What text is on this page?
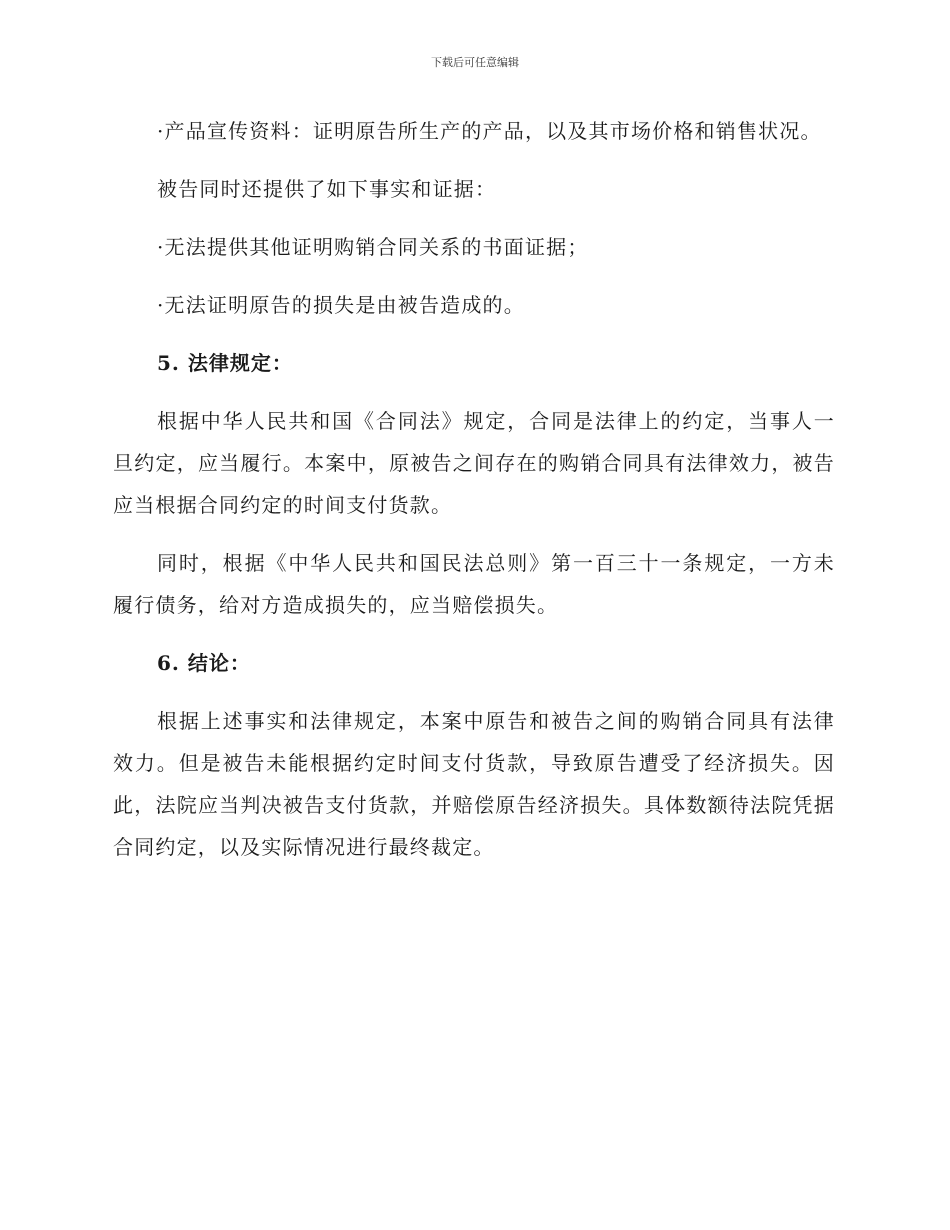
下载后可任意编辑

·产品宣传资料：证明原告所生产的产品，以及其市场价格和销售状况。

被告同时还提供了如下事实和证据：

·无法提供其他证明购销合同关系的书面证据；

·无法证明原告的损失是由被告造成的。

5. 法律规定：

根据中华人民共和国《合同法》规定，合同是法律上的约定，当事人一旦约定，应当履行。本案中，原被告之间存在的购销合同具有法律效力，被告应当根据合同约定的时间支付货款。

同时，根据《中华人民共和国民法总则》第一百三十一条规定，一方未履行债务，给对方造成损失的，应当赔偿损失。

6. 结论：

根据上述事实和法律规定，本案中原告和被告之间的购销合同具有法律效力。但是被告未能根据约定时间支付货款，导致原告遭受了经济损失。因此，法院应当判决被告支付货款，并赔偿原告经济损失。具体数额待法院凭据合同约定，以及实际情况进行最终裁定。
